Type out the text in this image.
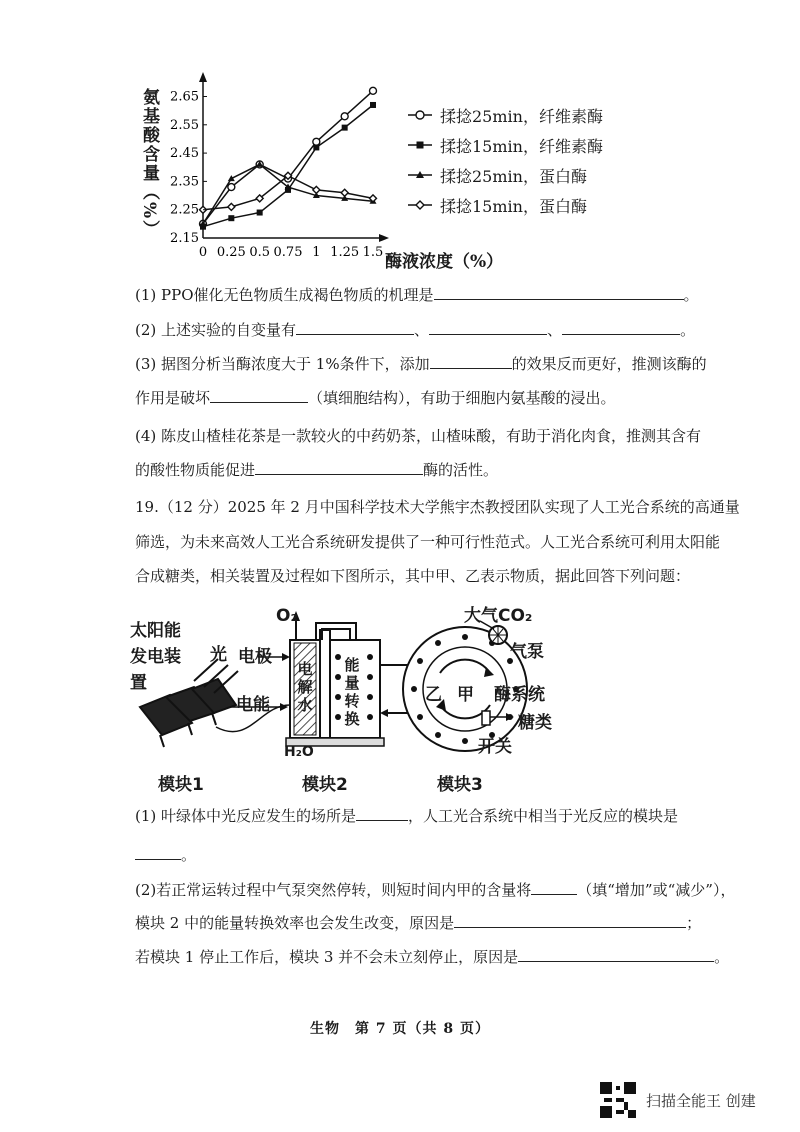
氨基酸含量（%）
0 0.25 0.5 0.75 1 1.25 1.5
2.15
2.25
2.35
2.45
2.55
2.65
酶液浓度（%）
揉捻25min，纤维素酶
揉捻15min，纤维素酶
揉捻25min，蛋白酶
揉捻15min，蛋白酶
(1) PPO催化无色物质生成褐色物质的机理是	。
(2) 上述实验的自变量有	、	、	。
(3) 据图分析当酶浓度大于 1%条件下，添加	的效果反而更好，推测该酶的
作用是破坏	（填细胞结构），有助于细胞内氨基酸的浸出。
(4) 陈皮山楂桂花茶是一款较火的中药奶茶，山楂味酸，有助于消化肉食，推测其含有
的酸性物质能促进	酶的活性。
19.（12 分）2025 年 2 月中国科学技术大学熊宇杰教授团队实现了人工光合系统的高通量
筛选，为未来高效人工光合系统研发提供了一种可行性范式。人工光合系统可利用太阳能
合成糖类，相关装置及过程如下图所示，其中甲、乙表示物质，据此回答下列问题：
太阳能
发电装
置
光 电极
电能
O₂
H₂O
电解水
能量转换
大气CO₂
气泵
乙 甲 酶系统
糖类
开关
模块1	模块2	模块3
(1) 叶绿体中光反应发生的场所是	，人工光合系统中相当于光反应的模块是
。
(2)若正常运转过程中气泵突然停转，则短时间内甲的含量将	（填“增加”或“减少”），
模块 2 中的能量转换效率也会发生改变，原因是	；
若模块 1 停止工作后，模块 3 并不会未立刻停止，原因是	。
生物　第 7 页（共 8 页）
扫描全能王 创建
